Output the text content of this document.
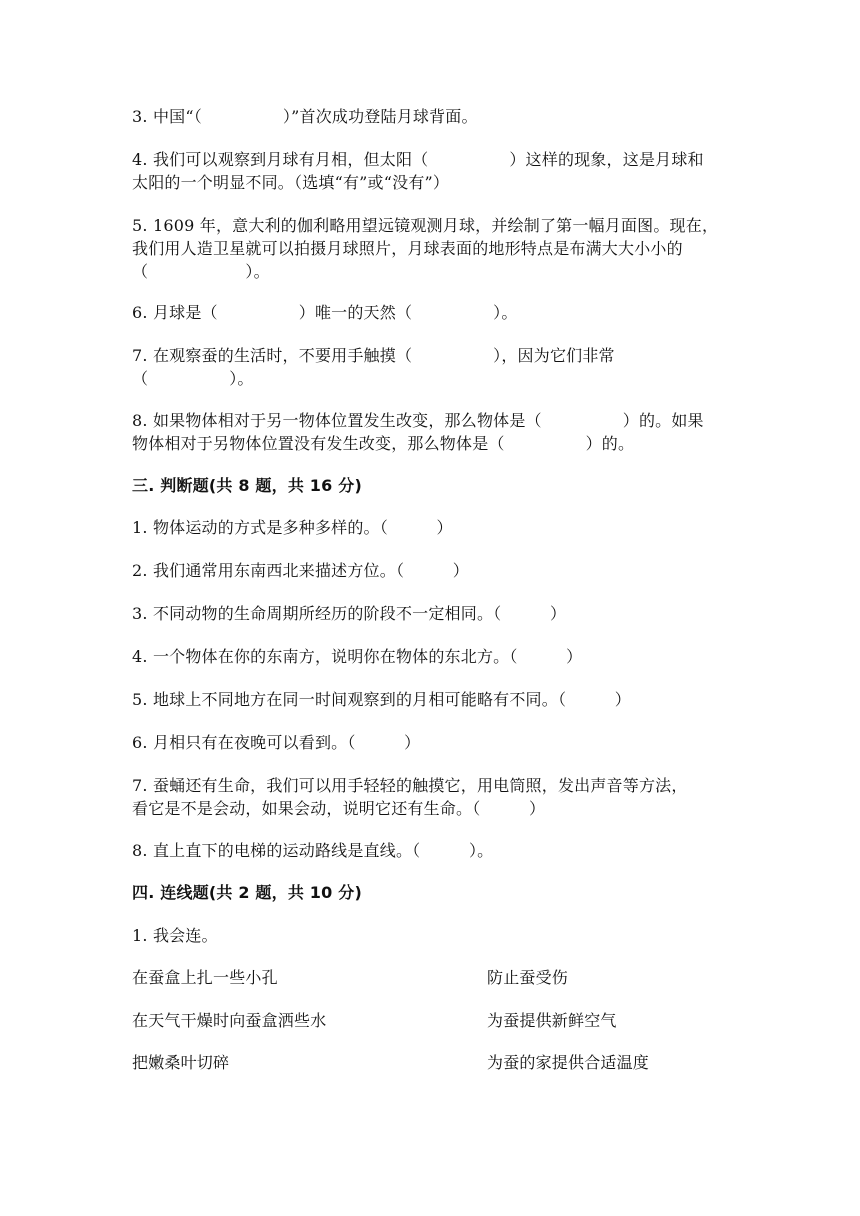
3. 中国“（　　　　　）”首次成功登陆月球背面。
4. 我们可以观察到月球有月相，但太阳（　　　　　）这样的现象，这是月球和
太阳的一个明显不同。（选填“有”或“没有”）
5. 1609 年，意大利的伽利略用望远镜观测月球，并绘制了第一幅月面图。现在，
我们用人造卫星就可以拍摄月球照片，月球表面的地形特点是布满大大小小的
（　　　　　　）。
6. 月球是（　　　　　）唯一的天然（　　　　　）。
7. 在观察蚕的生活时，不要用手触摸（　　　　　），因为它们非常
（　　　　　）。
8. 如果物体相对于另一物体位置发生改变，那么物体是（　　　　　）的。如果
物体相对于另物体位置没有发生改变，那么物体是（　　　　　）的。
三. 判断题(共 8 题，共 16 分)
1. 物体运动的方式是多种多样的。（　　　）
2. 我们通常用东南西北来描述方位。（　　　）
3. 不同动物的生命周期所经历的阶段不一定相同。（　　　）
4. 一个物体在你的东南方，说明你在物体的东北方。（　　　）
5. 地球上不同地方在同一时间观察到的月相可能略有不同。（　　　）
6. 月相只有在夜晚可以看到。（　　　）
7. 蚕蛹还有生命，我们可以用手轻轻的触摸它，用电筒照，发出声音等方法，
看它是不是会动，如果会动，说明它还有生命。（　　　）
8. 直上直下的电梯的运动路线是直线。（　　　）。
四. 连线题(共 2 题，共 10 分)
1. 我会连。
在蚕盒上扎一些小孔	防止蚕受伤
在天气干燥时向蚕盒洒些水	为蚕提供新鲜空气
把嫩桑叶切碎	为蚕的家提供合适温度
